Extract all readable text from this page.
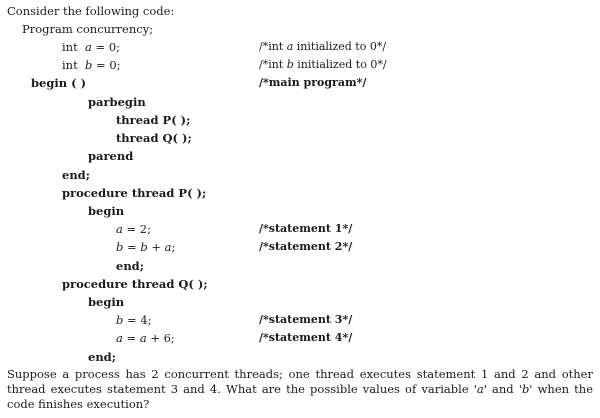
Consider the following code:
Program concurrency;
int a = 0;	/*int a initialized to 0*/
int b = 0;	/*int b initialized to 0*/
begin ( )	/*main program*/
parbegin
thread P( );
thread Q( );
parend
end;
procedure thread P( );
begin
a = 2;	/*statement 1*/
b = b + a;	/*statement 2*/
end;
procedure thread Q( );
begin
b = 4;	/*statement 3*/
a = a + 6;	/*statement 4*/
end;
Suppose a process has 2 concurrent threads; one thread executes statement 1 and 2 and other thread executes statement 3 and 4. What are the possible values of variable 'a' and 'b' when the code finishes execution?
